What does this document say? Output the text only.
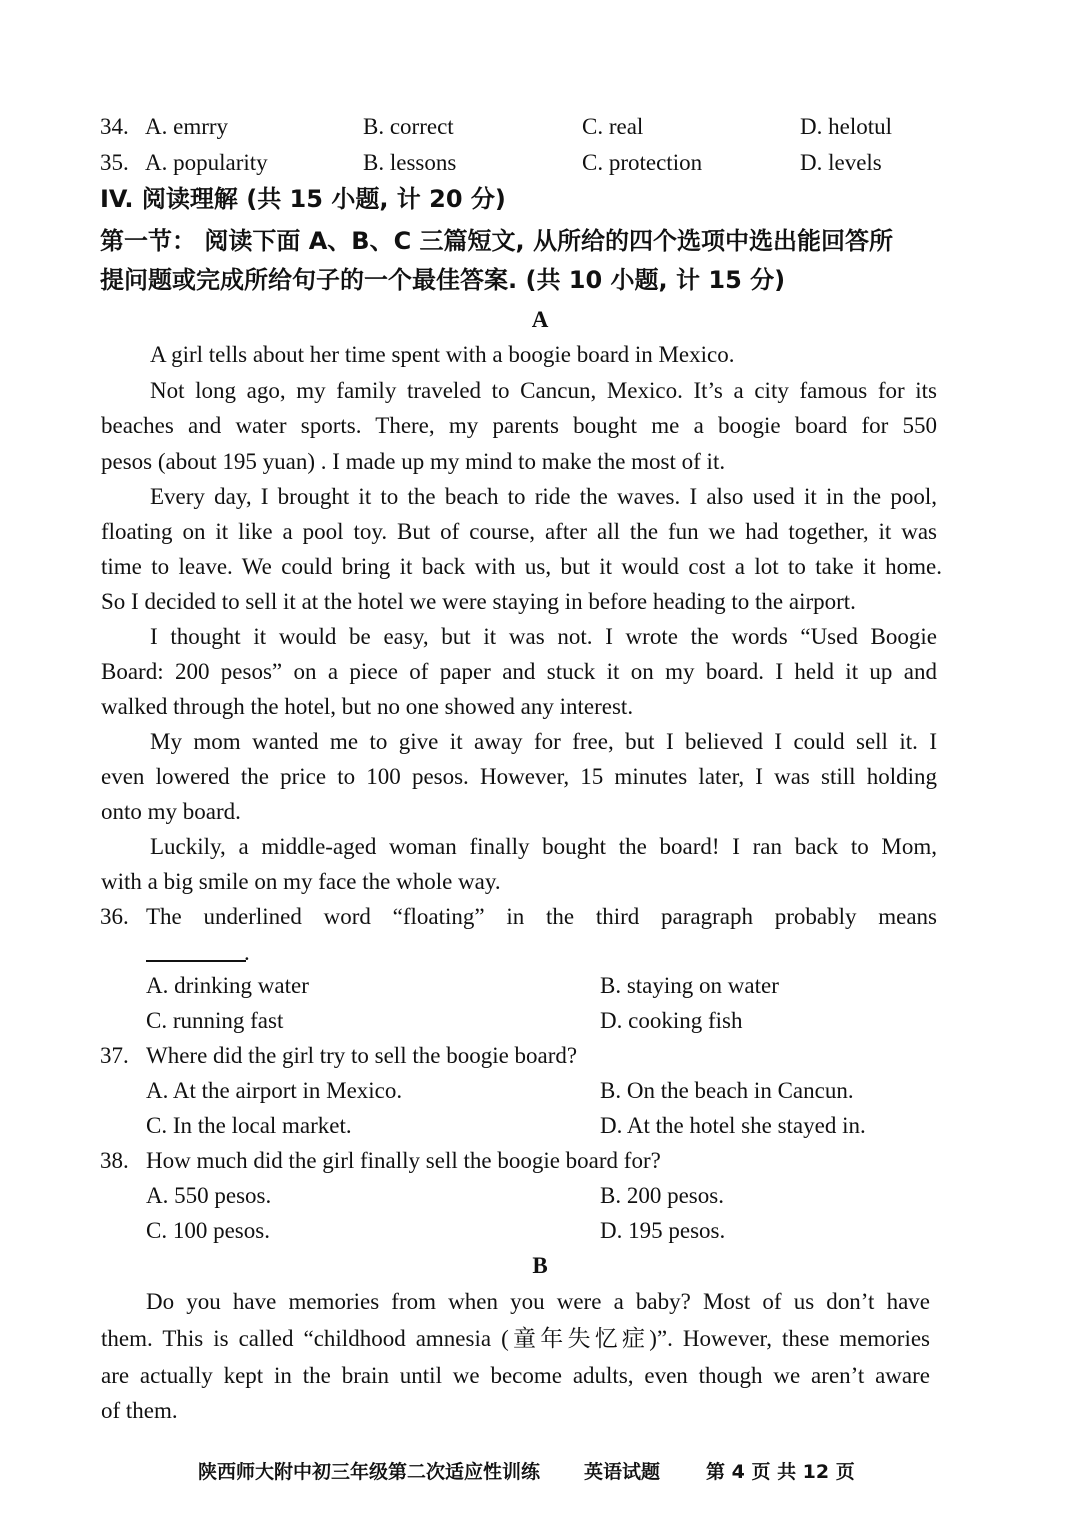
34. A. emrry	B. correct	C. real	D. helotul
35. A. popularity	B. lessons	C. protection	D. levels
IV. 阅读理解 (共 15 小题, 计 20 分)
第一节： 阅读下面 A、B、C 三篇短文, 从所给的四个选项中选出能回答所
提问题或完成所给句子的一个最佳答案. (共 10 小题, 计 15 分)
A
A girl tells about her time spent with a boogie board in Mexico.
Not long ago, my family traveled to Cancun, Mexico. It’s a city famous for its
beaches and water sports. There, my parents bought me a boogie board for 550
pesos (about 195 yuan) . I made up my mind to make the most of it.
Every day, I brought it to the beach to ride the waves. I also used it in the pool,
floating on it like a pool toy. But of course, after all the fun we had together, it was
time to leave. We could bring it back with us, but it would cost a lot to take it home.
So I decided to sell it at the hotel we were staying in before heading to the airport.
I thought it would be easy, but it was not. I wrote the words “Used Boogie
Board: 200 pesos” on a piece of paper and stuck it on my board. I held it up and
walked through the hotel, but no one showed any interest.
My mom wanted me to give it away for free, but I believed I could sell it. I
even lowered the price to 100 pesos. However, 15 minutes later, I was still holding
onto my board.
Luckily, a middle-aged woman finally bought the board! I ran back to Mom,
with a big smile on my face the whole way.
36. The underlined word “floating” in the third paragraph probably means
.
A. drinking water	B. staying on water
C. running fast	D. cooking fish
37. Where did the girl try to sell the boogie board?
A. At the airport in Mexico.	B. On the beach in Cancun.
C. In the local market.	D. At the hotel she stayed in.
38. How much did the girl finally sell the boogie board for?
A. 550 pesos.	B. 200 pesos.
C. 100 pesos.	D. 195 pesos.
B
Do you have memories from when you were a baby? Most of us don’t have
them. This is called “childhood amnesia (童年失忆症)”. However, these memories
are actually kept in the brain until we become adults, even though we aren’t aware
of them.
陕西师大附中初三年级第二次适应性训练 英语试题 第 4 页 共 12 页
